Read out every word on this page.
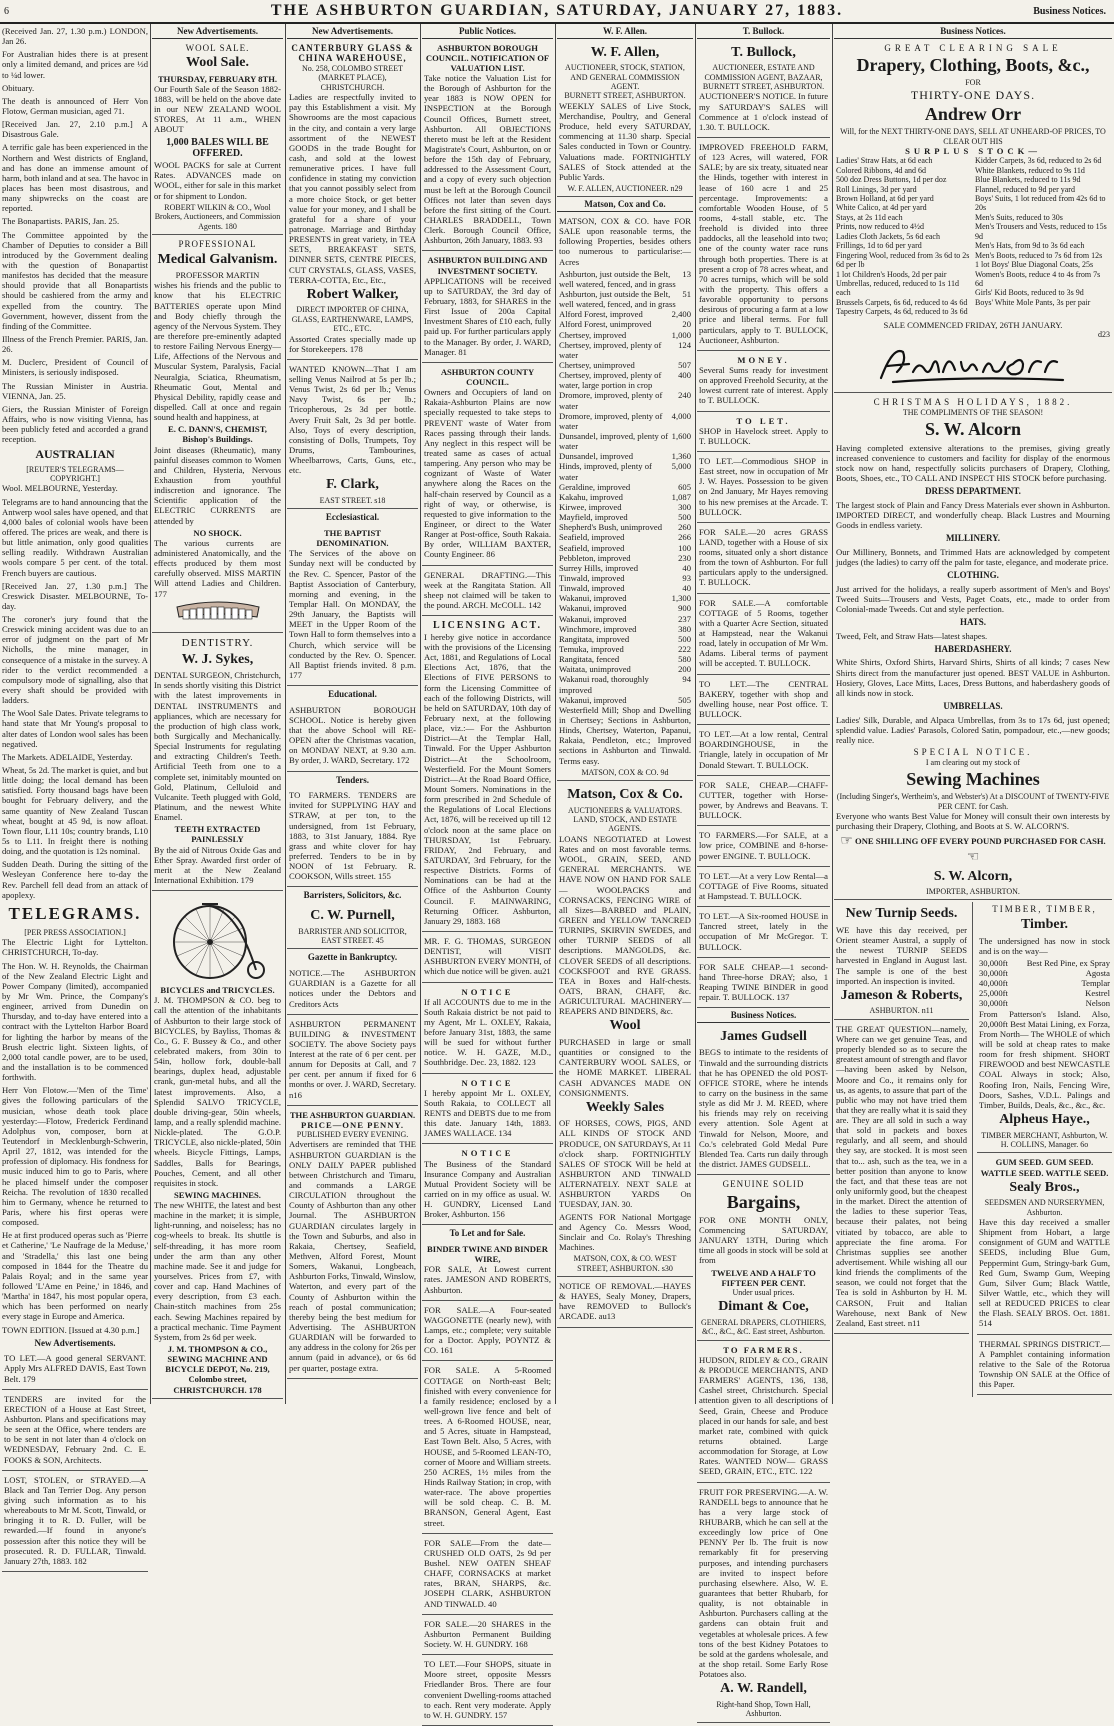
6	THE ASHBURTON GUARDIAN, SATURDAY, JANUARY 27, 1883.	Business Notices.

(Received Jan. 27, 1.30 p.m.) LONDON, Jan 26.

For Australian hides there is at present only a limited demand, and prices are ½d to ¼d lower.

Obituary.

The death is announced of Herr Von Flotow, German musician, aged 71.

[Received Jan. 27, 2.10 p.m.] A Disastrous Gale.

A terrific gale has been experienced in the Northern and West districts of England, and has done an immense amount of harm, both inland and at sea. The havoc in places has been most disastrous, and many shipwrecks on the coast are reported.

The Bonapartists. PARIS, Jan. 25.

The Committee appointed by the Chamber of Deputies to consider a Bill introduced by the Government dealing with the question of Bonapartist manifestos has decided that the measure should provide that all Bonapartists should be cashiered from the army and expelled from the country. The Government, however, dissent from the finding of the Committee.

Illness of the French Premier. PARIS, Jan. 26.

M. Duclerc, President of Council of Ministers, is seriously indisposed.

The Russian Minister in Austria. VIENNA, Jan. 25.

Giers, the Russian Minister of Foreign Affairs, who is now visiting Vienna, has been publicly feted and accorded a grand reception.

AUSTRALIAN
[REUTER'S TELEGRAMS—COPYRIGHT.]

Wool. MELBOURNE, Yesterday.

Telegrams are to hand announcing that the Antwerp wool sales have opened, and that 4,000 bales of colonial wools have been offered. The prices are weak, and there is but little animation, only good qualities selling readily. Withdrawn Australian wools compare 5 per cent. of the total. French buyers are cautious.

[Received Jan. 27, 1.30 p.m.] The Creswick Disaster. MELBOURNE, To-day.

The coroner's jury found that the Creswick mining accident was due to an error of judgment on the part of Mr Nicholls, the mine manager, in consequence of a mistake in the survey. A rider to the verdict recommended a compulsory mode of signalling, also that every shaft should be provided with ladders.

The Wool Sale Dates. Private telegrams to hand state that Mr Young's proposal to alter dates of London wool sales has been negatived.

The Markets. ADELAIDE, Yesterday.

Wheat, 5s 2d. The market is quiet, and but little doing; the local demand has been satisfied. Forty thousand bags have been bought for February delivery, and the same quantity of New Zealand Tuscan wheat, bought at 45 9d, is now afloat. Town flour, L11 10s; country brands, L10 5s to L11. In freight there is nothing doing, and the quotation is 12s nominal.

Sudden Death. During the sitting of the Wesleyan Conference here to-day the Rev. Parchell fell dead from an attack of apoplexy.

TELEGRAMS.
[PER PRESS ASSOCIATION.]

The Electric Light for Lyttelton. CHRISTCHURCH, To-day.

The Hon. W. H. Reynolds, the Chairman of the New Zealand Electric Light and Power Company (limited), accompanied by Mr Wm. Prince, the Company's engineer, arrived from Dunedin on Thursday, and to-day have entered into a contract with the Lyttelton Harbor Board for lighting the harbor by means of the Brush electric light. Sixteen lights, of 2,000 total candle power, are to be used, and the installation is to be commenced forthwith.

Herr Von Flotow.—'Men of the Time' gives the following particulars of the musician, whose death took place yesterday:—Flotow, Frederick Ferdinand Adolphus von, composer, born at Teutendorf in Mecklenburgh-Schwerin, April 27, 1812, was intended for the profession of diplomacy. His fondness for music induced him to go to Paris, where he placed himself under the composer Reicha. The revolution of 1830 recalled him to Germany, whence he returned to Paris, where his first operas were composed.

He at first produced operas such as 'Pierre et Catherine,' 'Le Naufrage de la Meduse,' and 'Stradella,' this last one being composed in 1844 for the Theatre du Palais Royal; and in the same year followed 'L'Ame en Peine,' in 1846, and 'Martha' in 1847, his most popular opera, which has been performed on nearly every stage in Europe and America.

TOWN EDITION. [Issued at 4.30 p.m.]

New Advertisements.

TO LET.—A good general SERVANT. Apply Mrs ALFRED DAVIS, East Town Belt. 179

TENDERS are invited for the ERECTION of a House at East Street, Ashburton. Plans and specifications may be seen at the Office, where tenders are to be sent in not later than 4 o'clock on WEDNESDAY, February 2nd. C. E. FOOKS & SON, Architects.

LOST, STOLEN, or STRAYED.—A Black and Tan Terrier Dog. Any person giving such information as to his whereabouts to Mr M. Scott, Tinwald, or bringing it to R. D. Fuller, will be rewarded.—If found in anyone's possession after this notice they will be prosecuted. R. D. FULLAR, Tinwald. January 27th, 1883. 182

New Advertisements.
WOOL SALE.
Wool Sale.
THURSDAY, FEBRUARY 8TH.

Our Fourth Sale of the Season 1882-1883, will be held on the above date in our NEW ZEALAND WOOL STORES, At 11 a.m., WHEN ABOUT

1,000 BALES WILL BE OFFERED.

WOOL PACKS for sale at Current Rates. ADVANCES made on WOOL, either for sale in this market or for shipment to London.

ROBERT WILKIN & CO., Wool Brokers, Auctioneers, and Commission Agents. 180
PROFESSIONAL
Medical Galvanism.
PROFESSOR MARTIN

wishes his friends and the public to know that his ELECTRIC BATTERIES operate upon Mind and Body chiefly through the agency of the Nervous System. They are therefore pre-eminently adapted to restore Failing Nervous Energy—Life, Affections of the Nervous and Muscular System, Paralysis, Facial Neuralgia, Sciatica, Rheumatism, Rheumatic Gout, Mental and Physical Debility, rapidly cease and dispelled. Call at once and regain sound health and happiness, at

E. C. DANN'S, CHEMIST, Bishop's Buildings.

Joint diseases (Rheumatic), many painful diseases common to Women and Children, Hysteria, Nervous Exhaustion from youthful indiscretion and ignorance. The Scientific application of the ELECTRIC CURRENTS are attended by

NO SHOCK.

The various currents are administered Anatomically, and the effects produced by them most carefully observed. MISS MARTIN Will attend Ladies and Children. 177

DENTISTRY.
W. J. Sykes,
DENTAL SURGEON, Christchurch,

In sends shortly visiting this District with the latest improvements in DENTAL INSTRUMENTS and appliances, which are necessary for the production of high class work, both Surgically and Mechanically. Special Instruments for regulating and extracting Children's Teeth. Artificial Teeth from one to a complete set, inimitably mounted on Gold, Platinum, Celluloid and Vulcanite. Teeth plugged with Gold, Platinum, and the newest White Enamel.

TEETH EXTRACTED PAINLESSLY

By the aid of Nitrous Oxide Gas and Ether Spray. Awarded first order of merit at the New Zealand International Exhibition. 179

BICYCLES and TRICYCLES.

J. M. THOMPSON & CO. beg to call the attention of the inhabitants of Ashburton to their large stock of BICYCLES, by Bayliss, Thomas & Co., G. F. Bussey & Co., and other celebrated makers, from 30in to 54in, hollow fork, double-ball bearings, duplex head, adjustable crank, gun-metal hubs, and all the latest improvements. Also, a Splendid SALVO TRICYCLE, double driving-gear, 50in wheels, lamp, and a really splendid machine. Nickle-plated. The G.O.P. TRICYCLE, also nickle-plated, 50in wheels. Bicycle Fittings, Lamps, Saddles, Balls for Bearings, Pouches, Cement, and all other requisites in stock.

SEWING MACHINES.

The new WHITE, the latest and best machine in the market; it is simple, light-running, and noiseless; has no cog-wheels to break. Its shuttle is self-threading, it has more room under the arm than any other machine made. See it and judge for yourselves. Prices from £7, with cover and cap. Hand Machines of every description, from £3 each. Chain-stitch machines from 25s each. Sewing Machines repaired by a practical mechanic. Time Payment System, from 2s 6d per week.

J. M. THOMPSON & CO., SEWING MACHINE AND BICYCLE DEPOT, No. 219, Colombo street, CHRISTCHURCH. 178
New Advertisements.
CANTERBURY GLASS & CHINA WAREHOUSE,
No. 258, COLOMBO STREET (MARKET PLACE), CHRISTCHURCH.

Ladies are respectfully invited to pay this Establishment a visit. My Showrooms are the most capacious in the city, and contain a very large assortment of the NEWEST GOODS in the trade Bought for cash, and sold at the lowest remunerative prices. I have full confidence in stating my conviction that you cannot possibly select from a more choice Stock, or get better value for your money, and I shall be grateful for a share of your patronage. Marriage and Birthday PRESENTS in great variety, in TEA SETS, BREAKFAST SETS, DINNER SETS, CENTRE PIECES, CUT CRYSTALS, GLASS, VASES, TERRA-COTTA, Etc., Etc.,

Robert Walker,
DIRECT IMPORTER OF CHINA, GLASS, EARTHENWARE, LAMPS, ETC., ETC.

Assorted Crates specially made up for Storekeepers. 178

WANTED KNOWN—That I am selling Venus Nailrod at 5s per lb.; Venus Twist, 2s 6d per lb.; Venus Navy Twist, 6s per lb.; Tricopherous, 2s 3d per bottle. Avery Fruit Salt, 2s 3d per bottle. Also, Toys of every description, consisting of Dolls, Trumpets, Toy Drums, Tambourines, Wheelbarrows, Carts, Guns, etc., etc.

F. Clark,
EAST STREET. s18
Ecclesiastical.
THE BAPTIST DENOMINATION.

The Services of the above on Sunday next will be conducted by the Rev. C. Spencer, Pastor of the Baptist Association of Canterbury, morning and evening, in the Templar Hall. On MONDAY, the 29th January, the Baptists will MEET in the Upper Room of the Town Hall to form themselves into a Church, which service will be conducted by the Rev. O. Spencer. All Baptist friends invited. 8 p.m. 177

Educational.

ASHBURTON BOROUGH SCHOOL. Notice is hereby given that the above School will RE-OPEN after the Christmas vacation, on MONDAY NEXT, at 9.30 a.m. By order, J. WARD, Secretary. 172

Tenders.

TO FARMERS. TENDERS are invited for SUPPLYING HAY and STRAW, at per ton, to the undersigned, from 1st February, 1883, to 31st January, 1884. Rye grass and white clover for hay preferred. Tenders to be in by NOON of 1st February. R. COOKSON, Wills street. 155

Barristers, Solicitors, &c.
C. W. Purnell,
BARRISTER AND SOLICITOR, EAST STREET. 45
Gazette in Bankruptcy.

NOTICE.—The ASHBURTON GUARDIAN is a Gazette for all notices under the Debtors and Creditors Acts

ASHBURTON PERMANENT BUILDING & INVESTMENT SOCIETY. The above Society pays Interest at the rate of 6 per cent. per annum for Deposits at Call, and 7 per cent. per annum if fixed for 6 months or over. J. WARD, Secretary. n16

THE ASHBURTON GUARDIAN.
PRICE—ONE PENNY.
PUBLISHED EVERY EVENING.

Advertisers are reminded that THE ASHBURTON GUARDIAN is the ONLY DAILY PAPER published between Christchurch and Timaru, and commands a LARGE CIRCULATION throughout the County of Ashburton than any other Journal. The ASHBURTON GUARDIAN circulates largely in the Town and Suburbs, and also in Rakaia, Chertsey, Seafield, Methven, Alford Forest, Mount Somers, Wakanui, Longbeach, Ashburton Forks, Tinwald, Winslow, Waterton, and every part of the County of Ashburton within the reach of postal communication; thereby being the best medium for Advertising. The ASHBURTON GUARDIAN will be forwarded to any address in the colony for 26s per annum (paid in advance), or 6s 6d per quarter, postage extra.

Public Notices.
ASHBURTON BOROUGH COUNCIL. NOTIFICATION OF VALUATION LIST.

Take notice the Valuation List for the Borough of Ashburton for the year 1883 is NOW OPEN for INSPECTION at the Borough Council Offices, Burnett street, Ashburton. All OBJECTIONS thereto must be left at the Resident Magistrate's Court, Ashburton, on or before the 15th day of February, addressed to the Assessment Court, and a copy of every such objection must be left at the Borough Council Offices not later than seven days before the first sitting of the Court. CHARLES BRADDELL, Town Clerk. Borough Council Office, Ashburton, 26th January, 1883. 93

ASHBURTON BUILDING AND INVESTMENT SOCIETY.

APPLICATIONS will be received up to SATURDAY, the 3rd day of February, 1883, for SHARES in the First Issue of 200a Capital Investment Shares of £10 each, fully paid up. For further particulars apply to the Manager. By order, J. WARD, Manager. 81

ASHBURTON COUNTY COUNCIL.

Owners and Occupiers of land on Rakaia-Ashburton Plains are now specially requested to take steps to PREVENT waste of Water from Races passing through their lands. Any neglect in this respect will be treated same as cases of actual tampering. Any person who may be cognizant of Waste of Water anywhere along the Races on the half-chain reserved by Council as a right of way, or otherwise, is requested to give information to the Engineer, or direct to the Water Ranger at Post-office, South Rakaia. By order, WILLIAM BAXTER, County Engineer. 86

GENERAL DRAFTING.—This week at the Rangitata Station. All sheep not claimed will be taken to the pound. ARCH. McCOLL. 142

LICENSING ACT.

I hereby give notice in accordance with the provisions of the Licensing Act, 1881, and Regulations of Local Elections Act, 1876, that the Elections of FIVE PERSONS to form the Licensing Committee of each of the following Districts, will be held on SATURDAY, 10th day of February next, at the following place, viz.:— For the Ashburton District—At the Templar Hall, Tinwald. For the Upper Ashburton District—At the Schoolroom, Westerfield. For the Mount Somers District—At the Road Board Office, Mount Somers. Nominations in the form prescribed in 2nd Schedule of the Regulations of Local Elections Act, 1876, will be received up till 12 o'clock noon at the same place on THURSDAY, 1st February. FRIDAY, 2nd February, and SATURDAY, 3rd February, for the respective Districts. Forms of Nominations can be had at the Office of the Ashburton County Council. F. MAINWARING, Returning Officer. Ashburton, January 29, 1883. 168

MR. F. G. THOMAS, SURGEON DENTIST, will VISIT ASHBURTON EVERY MONTH, of which due notice will be given. au21

NOTICE

If all ACCOUNTS due to me in the South Rakaia district be not paid to my Agent, Mr L. OXLEY, Rakaia, before January 31st, 1883, the same will be sued for without further notice. W. H. GAZE, M.D., Southbridge. Dec. 23, 1882. 123

NOTICE

I hereby appoint Mr L. OXLEY, South Rakaia, to COLLECT all RENTS and DEBTS due to me from this date. January 14th, 1883. JAMES WALLACE. 134

NOTICE

The Business of the Standard Insurance Company and Australian Mutual Provident Society will be carried on in my office as usual. W. H. GUNDRY, Licensed Land Broker, Ashburton. 156

To Let and for Sale.
BINDER TWINE AND BINDER WIRE,

FOR SALE, At Lowest current rates. JAMESON AND ROBERTS, Ashburton.

FOR SALE.—A Four-seated WAGGONETTE (nearly new), with Lamps, etc.; complete; very suitable for a Doctor. Apply, POYNTZ & CO. 161

FOR SALE. A 5-Roomed COTTAGE on North-east Belt; finished with every convenience for a family residence; enclosed by a well-grown live fence and belt of trees. A 6-Roomed HOUSE, near, and 5 Acres, situate in Hampstead, East Town Belt. Also, 5 Acres, with HOUSE, and 5-Roomed LEAN-TO, corner of Moore and William streets. 250 ACRES, 1½ miles from the Hinds Railway Station; in crop, with water-race. The above properties will be sold cheap. C. B. M. BRANSON, General Agent, East street.

FOR SALE—From the date— CRUSHED OLD OATS, 2s 9d per Bushel. NEW OATEN SHEAF CHAFF, CORNSACKS at market rates, BRAN, SHARPS, &c. JOSEPH CLARK, ASHBURTON AND TINWALD. 40

FOR SALE.—20 SHARES in the Ashburton Permanent Building Society. W. H. GUNDRY. 168

TO LET.—Four SHOPS, situate in Moore street, opposite Messrs Friedlander Bros. There are four convenient Dwelling-rooms attached to each. Rent very moderate. Apply to W. H. GUNDRY. 157

W. F. Allen.
W. F. Allen,
AUCTIONEER, STOCK, STATION, AND GENERAL COMMISSION AGENT.
BURNETT STREET, ASHBURTON.

WEEKLY SALES of Live Stock, Merchandise, Poultry, and General Produce, held every SATURDAY, commencing at 11.30 sharp. Special Sales conducted in Town or Country. Valuations made. FORTNIGHTLY SALES of Stock attended at the Public Yards.

W. F. ALLEN, AUCTIONEER. n29
Matson, Cox and Co.

MATSON, COX & CO. have FOR SALE upon reasonable terms, the following Properties, besides others too numerous to particularise:— Acres

Ashburton, just outside the Belt, well watered, fenced, and in grass
13
Ashburton, just outside the Belt, well watered, fenced, and in grass
51
Alford Forest, improved	2,400
Alford Forest, unimproved	20
Chertsey, improved	1,000
Chertsey, improved, plenty of water
124
Chertsey, unimproved	507
Chertsey, improved, plenty of water, large portion in crop
400
Dromore, improved, plenty of water
240
Dromore, improved, plenty of water
4,000
Dunsandel, improved, plenty of water
1,600
Dunsandel, improved	1,360
Hinds, improved, plenty of water
5,000
Geraldine, improved	605
Kakahu, improved	1,087
Kirwee, improved	300
Mayfield, improved	500
Shepherd's Bush, unimproved 260
Seafield, improved	266
Seafield, improved	100
Pebbleton, improved	230
Surrey Hills, improved	40
Tinwald, improved	93
Tinwald, improved	40
Wakanui, improved	1,300
Wakanui, improved	900
Wakanui, improved	237
Winchmore, improved	380
Rangitata, improved	500
Temuka, improved	222
Rangitata, fenced	580
Waitata, unimproved	200
Wakanui road, thoroughly improved
94
Wakanui, improved	505

Westerfield Mill; Shop and Dwelling in Chertsey; Sections in Ashburton, Hinds, Chertsey, Waterton, Papanui, Rakaia, Pendleton, etc.; Improved sections in Ashburton and Tinwald. Terms easy.

MATSON, COX & CO. 9d
Matson, Cox & Co.
AUCTIONEERS & VALUATORS. LAND, STOCK, AND ESTATE AGENTS.

LOANS NEGOTIATED at Lowest Rates and on most favorable terms. WOOL, GRAIN, SEED, AND GENERAL MERCHANTS. WE HAVE NOW ON HAND FOR SALE— WOOLPACKS and CORNSACKS, FENCING WIRE of all Sizes—BARBED and PLAIN, GREEN and YELLOW TANCRED TURNIPS, SKIRVIN SWEDES, and other TURNIP SEEDS of all descriptions. MANGOLDS, &c. CLOVER SEEDS of all descriptions. COCKSFOOT and RYE GRASS. TEA in Boxes and Half-chests. OATS, BRAN, CHAFF, &c. AGRICULTURAL MACHINERY— REAPERS AND BINDERS, &c.

Wool

PURCHASED in large or small quantities or consigned to the CANTERBURY WOOL SALES, or the HOME MARKET. LIBERAL CASH ADVANCES MADE ON CONSIGNMENTS.

Weekly Sales

OF HORSES, COWS, PIGS, AND ALL KINDS OF STOCK AND PRODUCE, ON SATURDAYS, At 11 o'clock sharp. FORTNIGHTLY SALES OF STOCK Will be held at ASHBURTON AND TINWALD ALTERNATELY. NEXT SALE at ASHBURTON YARDS On TUESDAY, JAN. 30.

AGENTS FOR National Mortgage and Agency Co. Messrs Wood, Sinclair and Co. Rolay's Threshing Machines.

MATSON, COX, & CO. WEST STREET, ASHBURTON. s30

NOTICE OF REMOVAL.—HAYES & HAYES, Sealy Money, Drapers, have REMOVED to Bullock's ARCADE. au13

T. Bullock.
T. Bullock,
AUCTIONEER, ESTATE AND COMMISSION AGENT, BAZAAR, BURNETT STREET, ASHBURTON.

AUCTIONEER'S NOTICE. In future my SATURDAY'S SALES will Commence at 1 o'clock instead of 1.30. T. BULLOCK.

IMPROVED FREEHOLD FARM, of 123 Acres, will watered, FOR SALE; by are six treaty, situated near the Hinds, together with interest in lease of 160 acre 1 and 25 percentage. Improvements: a comfortable Wooden House, of 5 rooms, 4-stall stable, etc. The freehold is divided into three paddocks, all the leasehold into two; one of the county water race runs through both properties. There is at present a crop of 78 acres wheat, and 70 acres turnips, which will be sold with the property. This offers a favorable opportunity to persons desirous of procuring a farm at a low price and liberal terms. For full particulars, apply to T. BULLOCK, Auctioneer, Ashburton.

MONEY.

Several Sums ready for investment on approved Freehold Security, at the lowest current rate of interest. Apply to T. BULLOCK.

TO LET.

SHOP in Havelock street. Apply to T. BULLOCK.

TO LET.—Commodious SHOP in East street, now in occupation of Mr J. W. Hayes. Possession to be given on 2nd January, Mr Hayes removing to his new premises at the Arcade. T. BULLOCK.

FOR SALE.—20 acres GRASS LAND, together with a House of six rooms, situated only a short distance from the town of Ashburton. For full particulars apply to the undersigned. T. BULLOCK.

FOR SALE.—A comfortable COTTAGE of 5 Rooms, together with a Quarter Acre Section, situated at Hampstead, near the Wakanui road, lately in occupation of Mr Wm. Adams. Liberal terms of payment will be accepted. T. BULLOCK.

TO LET.—The CENTRAL BAKERY, together with shop and dwelling house, near Post office. T. BULLOCK.

TO LET.—At a low rental, Central BOARDINGHOUSE, in the Triangle, lately in occupation of Mr Donald Stewart. T. BULLOCK.

FOR SALE, CHEAP.—CHAFF-CUTTER, together with Horse-power, by Andrews and Beavans. T. BULLOCK.

TO FARMERS.—For SALE, at a low price, COMBINE and 8-horse-power ENGINE. T. BULLOCK.

TO LET.—At a very Low Rental—a COTTAGE of Five Rooms, situated at Hampstead. T. BULLOCK.

TO LET.—A Six-roomed HOUSE in Tancred street, lately in the occupation of Mr McGregor. T. BULLOCK.

FOR SALE CHEAP.—1 second-hand Three-horse DRAY; also, 1 Reaping TWINE BINDER in good repair. T. BULLOCK. 137

Business Notices.
James Gudsell

BEGS to intimate to the residents of Tinwald and the surrounding districts that he has OPENED the old POST-OFFICE STORE, where he intends to carry on the business in the same style as did Mr J. M. REED, where his friends may rely on receiving every attention. Sole Agent at Tinwald for Nelson, Moore, and Co.'s celebrated Gold Medal Pure Blended Tea. Carts run daily through the district. JAMES GUDSELL.

GENUINE SOLID
Bargains,

FOR ONE MONTH ONLY, Commencing SATURDAY, JANUARY 13TH, During which time all goods in stock will be sold at from

TWELVE AND A HALF TO FIFTEEN PER CENT.
Under usual prices.
Dimant & Coe,
GENERAL DRAPERS, CLOTHIERS, &C., &C., &C. East street, Ashburton.
TO FARMERS.

HUDSON, RIDLEY & CO., GRAIN & PRODUCE MERCHANTS, AND FARMERS' AGENTS, 136, 138, Cashel street, Christchurch. Special attention given to all descriptions of Seed, Grain, Cheese and Produce placed in our hands for sale, and best market rate, combined with quick returns obtained. Large accommodation for Storage, at Low Rates. WANTED NOW— GRASS SEED, GRAIN, ETC., ETC. 122

FRUIT FOR PRESERVING.—A. W. RANDELL begs to announce that he has a very large stock of RHUBARB, which he can sell at the exceedingly low price of One PENNY Per lb. The fruit is now remarkably fit for preserving purposes, and intending purchasers are invited to inspect before purchasing elsewhere. Also, W. E. guarantees that better Rhubarb, for quality, is not obtainable in Ashburton. Purchasers calling at the gardens can obtain fruit and vegetables at wholesale prices. A few tons of the best Kidney Potatoes to be sold at the gardens wholesale, and at the shop retail. Some Early Rose Potatoes also.

A. W. Randell,
Right-hand Shop, Town Hall, Ashburton.
Business Notices.
GREAT CLEARING SALE
Drapery, Clothing, Boots, &c.,
FOR
THIRTY-ONE DAYS.
Andrew Orr
Will, for the NEXT THIRTY-ONE DAYS, SELL AT UNHEARD-OF PRICES, TO CLEAR OUT HIS
SURPLUS STOCK—
Ladies' Straw Hats, at 6d each
Colored Ribbons, 4d and 6d
500 doz Dress Buttons, 1d per doz
Roll Linings, 3d per yard
Brown Holland, at 6d per yard
White Calico, at 4d per yard
Stays, at 2s 11d each
Prints, now reduced to 4½d
Ladies Cloth Jackets, 5s 6d each
Frillings, 1d to 6d per yard
Fingering Wool, reduced from 3s 6d to 2s 6d per lb
1 lot Children's Hoods, 2d per pair
Umbrellas, reduced, reduced to 1s 11d each
Brussels Carpets, 6s 6d, reduced to 4s 6d
Tapestry Carpets, 4s 6d, reduced to 3s 6d
Kidder Carpets, 3s 6d, reduced to 2s 6d
White Blankets, reduced to 9s 11d
Blue Blankets, reduced to 11s 9d
Flannel, reduced to 9d per yard
Boys' Suits, 1 lot reduced from 42s 6d to 20s
Men's Suits, reduced to 30s
Men's Trousers and Vests, reduced to 15s 9d
Men's Hats, from 9d to 3s 6d each
Men's Boots, reduced to 7s 6d from 12s
1 lot Boys' Blue Diagonal Coats, 25s
Women's Boots, reduce 4 to 4s from 7s 6d
Girls' Kid Boots, reduced to 3s 9d
Boys' White Mole Pants, 3s per pair
SALE COMMENCED FRIDAY, 26TH JANUARY.
d23
CHRISTMAS HOLIDAYS, 1882.
THE COMPLIMENTS OF THE SEASON!
S. W. Alcorn

Having completed extensive alterations to the premises, giving greatly increased convenience to customers and facility for display of the enormous stock now on hand, respectfully solicits purchasers of Drapery, Clothing, Boots, Shoes, etc., TO CALL AND INSPECT HIS STOCK before purchasing.

DRESS DEPARTMENT.

The largest stock of Plain and Fancy Dress Materials ever shown in Ashburton. IMPORTED DIRECT, and wonderfully cheap. Black Lustres and Mourning Goods in endless variety.

MILLINERY.

Our Millinery, Bonnets, and Trimmed Hats are acknowledged by competent judges (the ladies) to carry off the palm for taste, elegance, and moderate price.

CLOTHING.

Just arrived for the holidays, a really superb assortment of Men's and Boys' Tweed Suits—Trousers and Vests, Paget Coats, etc., made to order from Colonial-made Tweeds. Cut and style perfection.

HATS.

Tweed, Felt, and Straw Hats—latest shapes.

HABERDASHERY.

White Shirts, Oxford Shirts, Harvard Shirts, Shirts of all kinds; 7 cases New Shirts direct from the manufacturer just opened. BEST VALUE in Ashburton. Hosiery, Gloves, Lace Mitts, Laces, Dress Buttons, and haberdashery goods of all kinds now in stock.

UMBRELLAS.

Ladies' Silk, Durable, and Alpaca Umbrellas, from 3s to 17s 6d, just opened; splendid value. Ladies' Parasols, Colored Satin, pompadour, etc.,—new goods; really nice.

SPECIAL NOTICE.
I am clearing out my stock of
Sewing Machines
(Including Singer's, Wertheim's, and Webster's) At a DISCOUNT of TWENTY-FIVE PER CENT. for Cash.

Everyone who wants Best Value for Money will consult their own interests by purchasing their Drapery, Clothing, and Boots at S. W. ALCORN'S.

☞ ONE SHILLING OFF EVERY POUND PURCHASED FOR CASH. ☜
S. W. Alcorn,
IMPORTER, ASHBURTON.
New Turnip Seeds.

WE have this day received, per Orient steamer Austral, a supply of the newest TURNIP SEEDS harvested in England in August last. The sample is one of the best imported. An inspection is invited.

Jameson & Roberts,
ASHBURTON. n11

THE GREAT QUESTION—namely, Where can we get genuine Teas, and properly blended so as to secure the greatest amount of strength and flavor—having been asked by Nelson, Moore and Co., it remains only for us, as agents, to assure that part of the public who may not have tried them that they are really what it is said they are. They are all sold in such a way that sold in packets and boxes regularly, and all seem, and should they say, are stocked. It is most seen that to... ash, such as the tea, we in a better position than anyone to know the fact, and that these teas are not only uniformly good, but the cheapest in the market. Direct the attention of the ladies to these superior Teas, because their palates, not being vitiated by tobacco, are able to appreciate the fine aroma. For Christmas supplies see another advertisement. While wishing all our kind friends the compliments of the season, we could not forget that the Tea is sold in Ashburton by H. M. CARSON, Fruit and Italian Warehouse, next Bank of New Zealand, East street. n11

TIMBER, TIMBER,
Timber.

The undersigned has now in stock and is on the way—

30,000ft Best Red Pine, ex Spray
30,000ft	Agosta
40,000ft	Templar
25,000ft	Kestrel
30,000ft	Nelson

From Patterson's Island. Also, 20,000ft Best Matai Lining, ex Forza, From North— The WHOLE of which will be sold at cheap rates to make room for fresh shipment. SHORT FIREWOOD and best NEWCASTLE COAL Always in stock; Also, Roofing Iron, Nails, Fencing Wire, Doors, Sashes, V.D.L. Palings and Timber, Builds, Deals, &c., &c., &c.

Alpheus Haye.,
TIMBER MERCHANT, Ashburton, W. H. COLLINS, Manager. 6o
GUM SEED. GUM SEED. WATTLE SEED. WATTLE SEED.
Sealy Bros.,
SEEDSMEN AND NURSERYMEN, Ashburton.

Have this day received a smaller Shipment from Hobart, a large consignment of GUM and WATTLE SEEDS, including Blue Gum, Peppermint Gum, Stringy-bark Gum, Red Gum, Swamp Gum, Weeping Gum, Silver Gum; Black Wattle, Silver Wattle, etc., which they will sell at REDUCED PRICES to clear the Flash. SEALY BROS. Oct. 1881. 514

THERMAL SPRINGS DISTRICT.— A Pamphlet containing information relative to the Sale of the Rotorua Township ON SALE at the Office of this Paper.
